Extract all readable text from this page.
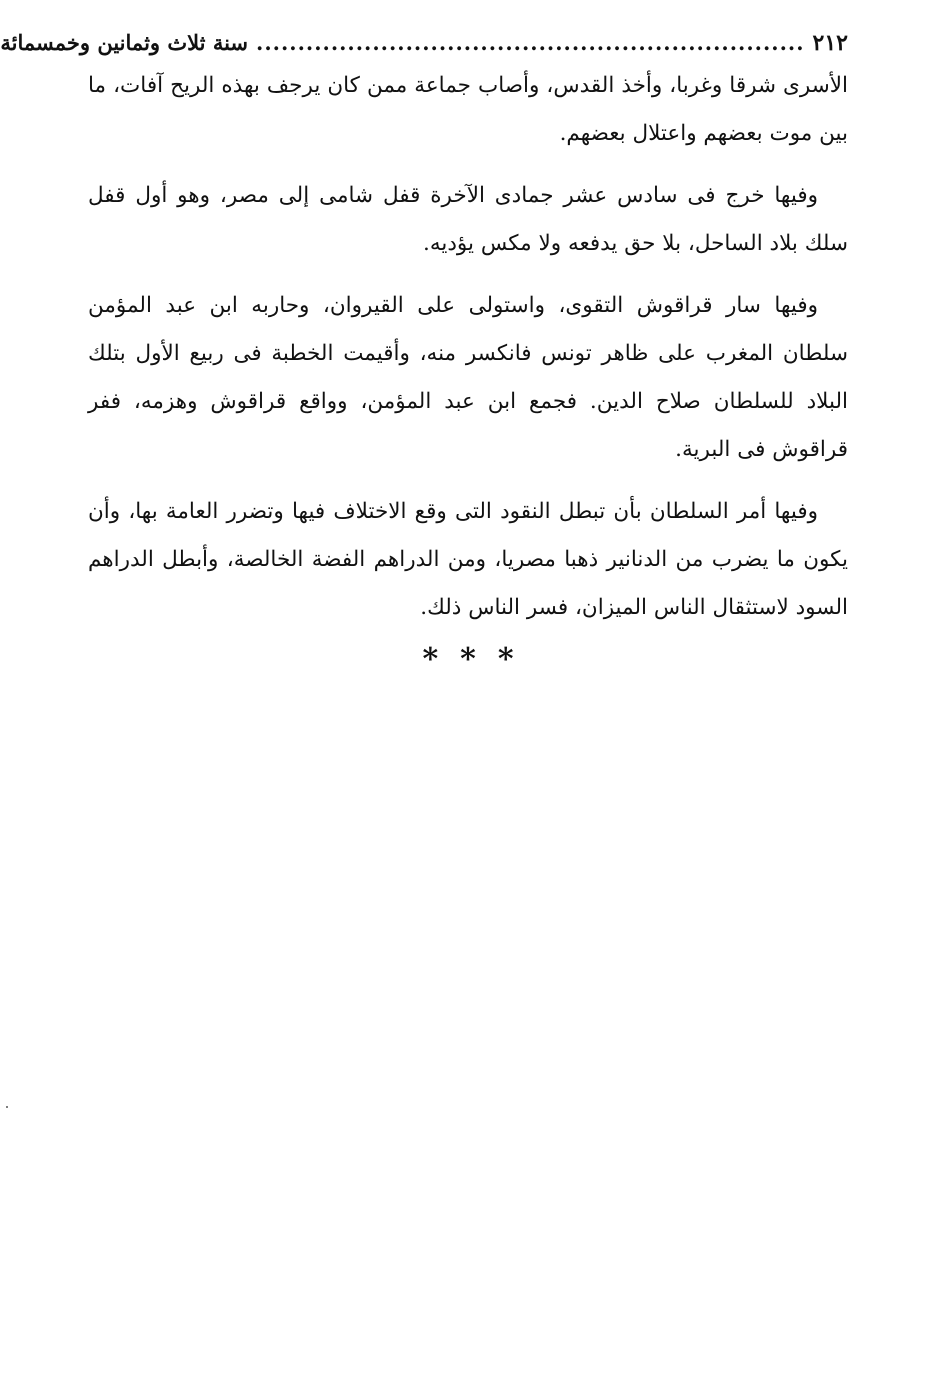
٢١٢
..................................................................
سنة ثلاث وثمانين وخمسمائة

الأسرى شرقا وغربا، وأخذ القدس، وأصاب جماعة ممن كان يرجف بهذه الريح آفات، ما بين موت بعضهم واعتلال بعضهم.

وفيها خرج فى سادس عشر جمادى الآخرة قفل شامى إلى مصر، وهو أول قفل سلك بلاد الساحل، بلا حق يدفعه ولا مكس يؤديه.

وفيها سار قراقوش التقوى، واستولى على القيروان، وحاربه ابن عبد المؤمن سلطان المغرب على ظاهر تونس فانكسر منه، وأقيمت الخطبة فى ربيع الأول بتلك البلاد للسلطان صلاح الدين. فجمع ابن عبد المؤمن، وواقع قراقوش وهزمه، ففر قراقوش فى البرية.

وفيها أمر السلطان بأن تبطل النقود التى وقع الاختلاف فيها وتضرر العامة بها، وأن يكون ما يضرب من الدنانير ذهبا مصريا، ومن الدراهم الفضة الخالصة، وأبطل الدراهم السود لاستثقال الناس الميزان، فسر الناس ذلك.

***
